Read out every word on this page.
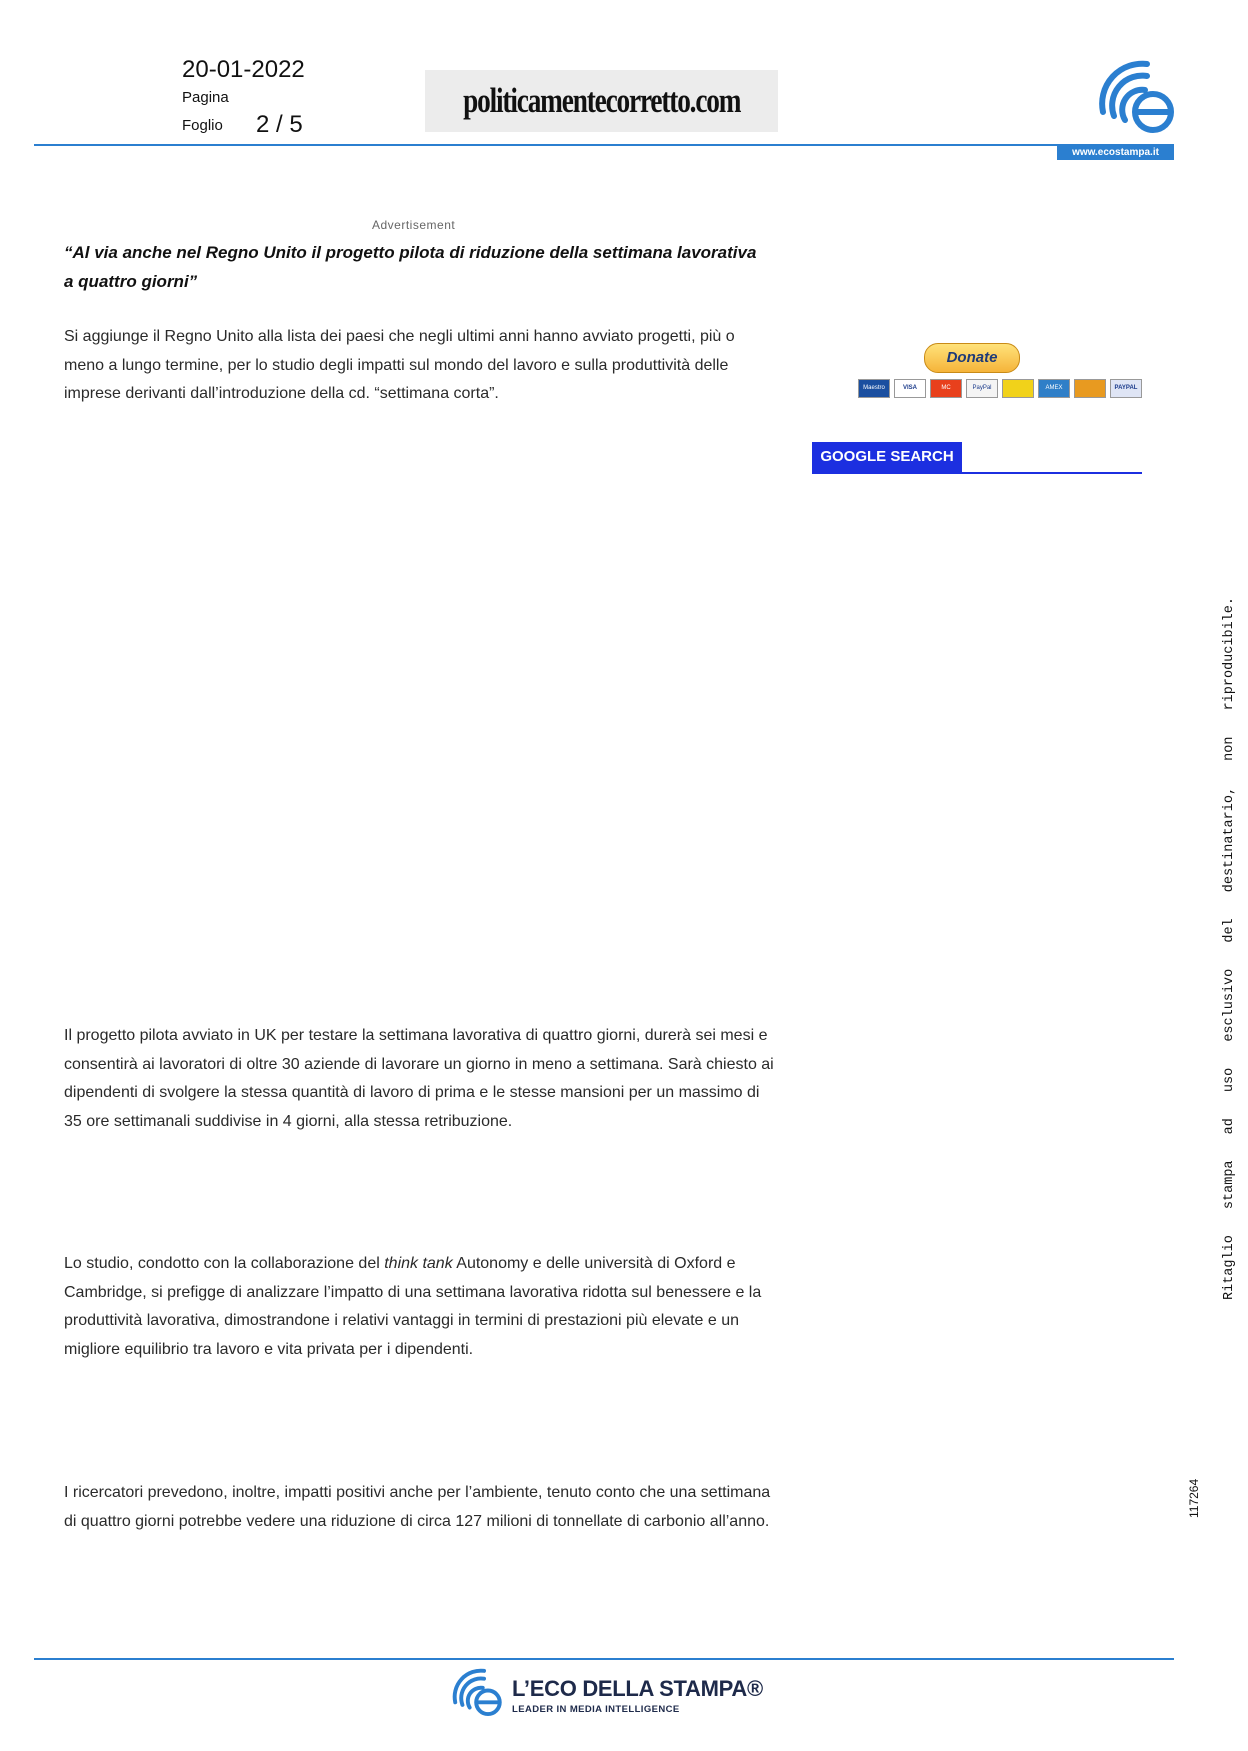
20-01-2022
Pagina
Foglio 2 / 5
politicamentecorretto.com
www.ecostampa.it
Advertisement
“Al via anche nel Regno Unito il progetto pilota di riduzione della settimana lavorativa a quattro giorni”
Si aggiunge il Regno Unito alla lista dei paesi che negli ultimi anni hanno avviato progetti, più o meno a lungo termine, per lo studio degli impatti sul mondo del lavoro e sulla produttività delle imprese derivanti dall’introduzione della cd. “settimana corta”.
Il progetto pilota avviato in UK per testare la settimana lavorativa di quattro giorni, durerà sei mesi e consentirà ai lavoratori di oltre 30 aziende di lavorare un giorno in meno a settimana. Sarà chiesto ai dipendenti di svolgere la stessa quantità di lavoro di prima e le stesse mansioni per un massimo di 35 ore settimanali suddivise in 4 giorni, alla stessa retribuzione.
Lo studio, condotto con la collaborazione del think tank Autonomy e delle università di Oxford e Cambridge, si prefigge di analizzare l’impatto di una settimana lavorativa ridotta sul benessere e la produttività lavorativa, dimostrandone i relativi vantaggi in termini di prestazioni più elevate e un migliore equilibrio tra lavoro e vita privata per i dipendenti.
I ricercatori prevedono, inoltre, impatti positivi anche per l’ambiente, tenuto conto che una settimana di quattro giorni potrebbe vedere una riduzione di circa 127 milioni di tonnellate di carbonio all’anno.
Donate
Maestro	VISA	MC	PayPal	AMEX	PAYPAL
GOOGLE SEARCH
Ritaglio stampa ad uso esclusivo del destinatario, non riproducibile.
117264
L’ECO DELLA STAMPA®
LEADER IN MEDIA INTELLIGENCE
